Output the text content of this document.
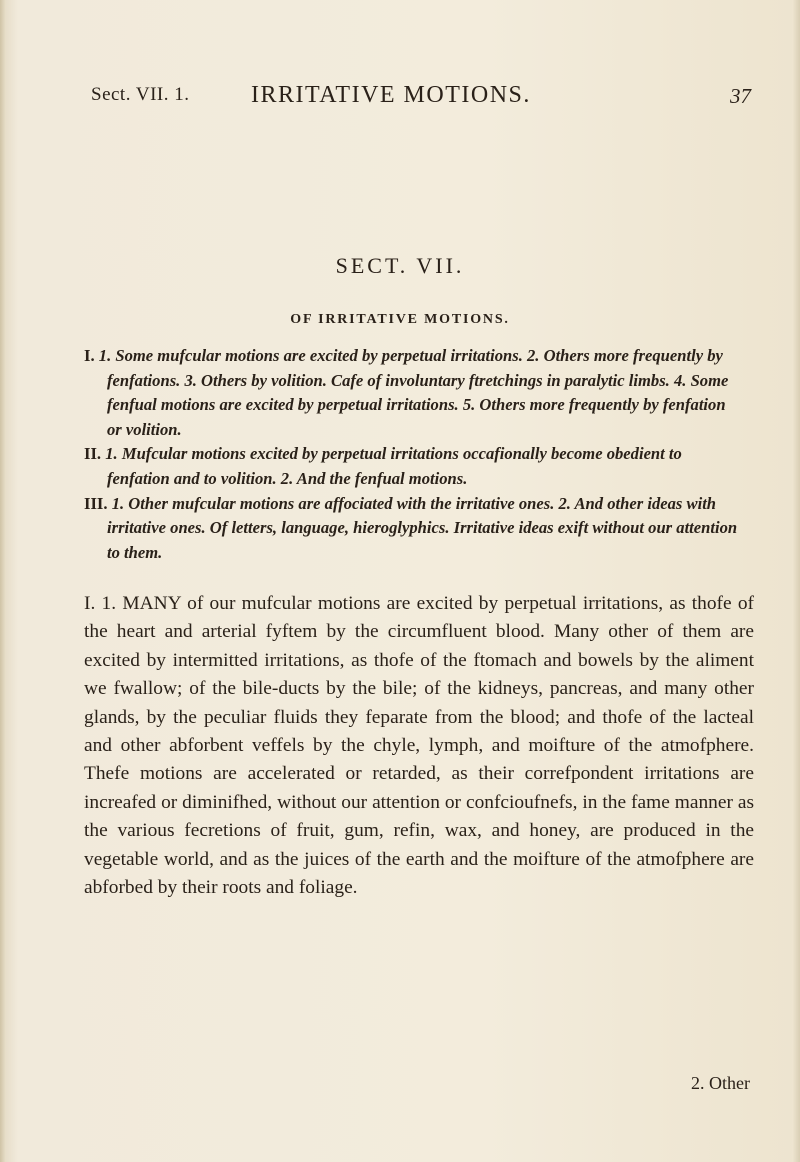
Sect. VII. 1.	IRRITATIVE MOTIONS.	37
SECT. VII.
OF IRRITATIVE MOTIONS.

I. 1. Some mufcular motions are excited by perpetual irritations. 2. Others more frequently by fenfations. 3. Others by volition. Cafe of involuntary ftretchings in paralytic limbs. 4. Some fenfual motions are excited by perpetual irritations. 5. Others more frequently by fenfation or volition.

II. 1. Mufcular motions excited by perpetual irritations occafionally become obedient to fenfation and to volition. 2. And the fenfual motions.

III. 1. Other mufcular motions are affociated with the irritative ones. 2. And other ideas with irritative ones. Of letters, language, hieroglyphics. Irritative ideas exift without our attention to them.

I. 1. MANY of our mufcular motions are excited by perpetual irritations, as thofe of the heart and arterial fyftem by the circumfluent blood. Many other of them are excited by intermitted irritations, as thofe of the ftomach and bowels by the aliment we fwallow; of the bile-ducts by the bile; of the kidneys, pancreas, and many other glands, by the peculiar fluids they feparate from the blood; and thofe of the lacteal and other abforbent veffels by the chyle, lymph, and moifture of the atmofphere. Thefe motions are accelerated or retarded, as their correfpondent irritations are increafed or diminifhed, without our attention or confcioufnefs, in the fame manner as the various fecretions of fruit, gum, refin, wax, and honey, are produced in the vegetable world, and as the juices of the earth and the moifture of the atmofphere are abforbed by their roots and foliage.

2. Other
